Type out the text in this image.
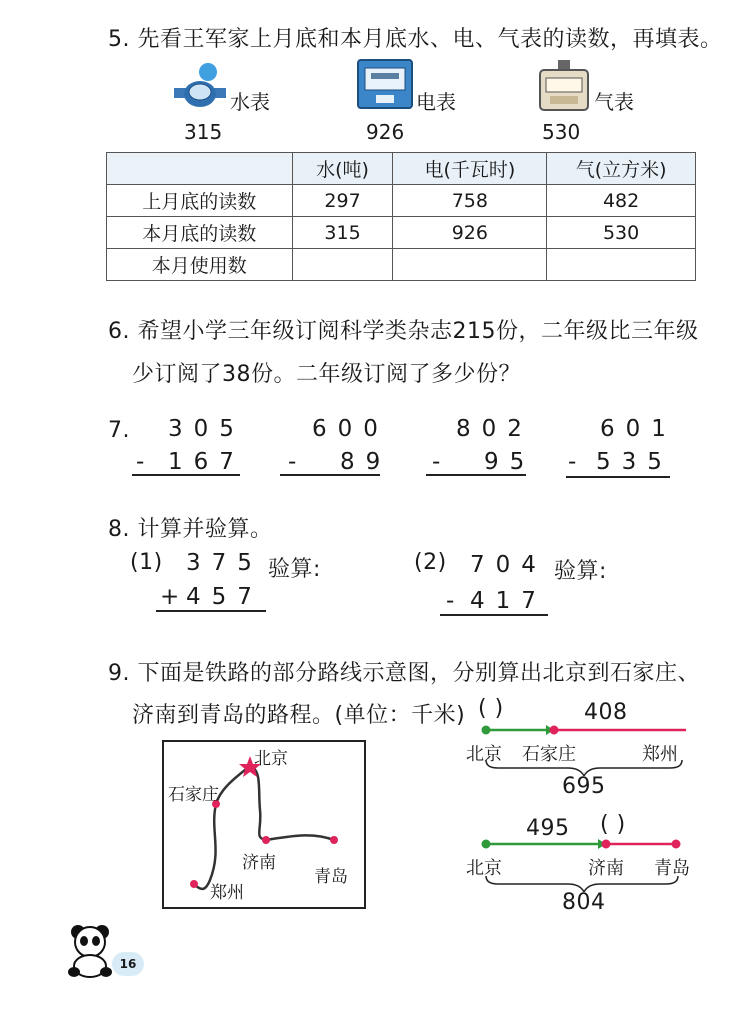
5. 先看王军家上月底和本月底水、电、气表的读数，再填表。
水表
315
电表
926
气表
530
	水(吨)	电(千瓦时)	气(立方米)
上月底的读数	297	758	482
本月底的读数	315	926	530
本月使用数			
6. 希望小学三年级订阅科学类杂志215份，二年级比三年级
少订阅了38份。二年级订阅了多少份？
7. 305
- 167
600
- 89
802
- 95
601
- 535
8. 计算并验算。
(1) 375 验算:
+
457
(2) 704 验算:
- 417
9. 下面是铁路的部分路线示意图，分别算出北京到石家庄、
济南到青岛的路程。(单位：千米)
北京
石家庄
济南
青岛
郑州
( )	408
北京 石家庄	郑州
695
495 ( )
北京	济南 青岛
804
16
